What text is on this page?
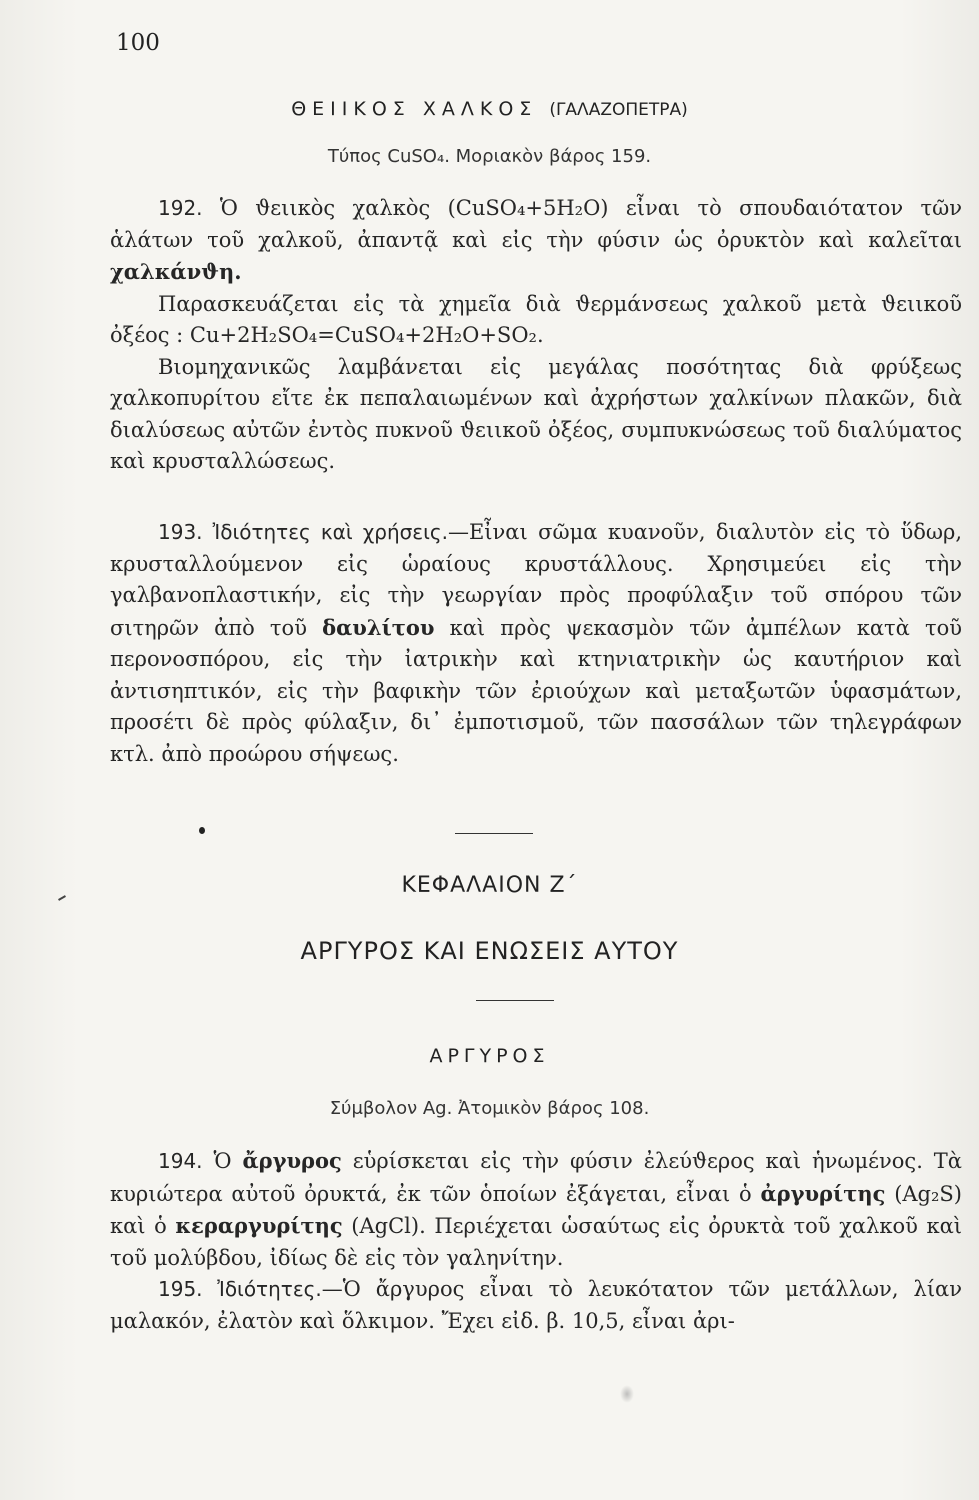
100
ΘΕΙΙΚΟΣ ΧΑΛΚΟΣ (ΓΑΛΑΖΟΠΕΤΡΑ)
Τύπος CuSO₄. Μοριακὸν βάρος 159.

192. Ὁ ϑειικὸς χαλκὸς (CuSO₄+5H₂O) εἶναι τὸ σπουδαιότατον τῶν ἁλάτων τοῦ χαλκοῦ, ἀπαντᾷ καὶ εἰς τὴν φύσιν ὡς ὀρυκτὸν καὶ καλεῖται χαλκάνϑη.

Παρασκευάζεται εἰς τὰ χημεῖα διὰ ϑερμάνσεως χαλκοῦ μετὰ ϑειικοῦ ὀξέος : Cu+2H₂SO₄=CuSO₄+2H₂O+SO₂.

Βιομηχανικῶς λαμβάνεται εἰς μεγάλας ποσότητας διὰ φρύξεως χαλκοπυρίτου εἴτε ἐκ πεπαλαιωμένων καὶ ἀχρήστων χαλκίνων πλακῶν, διὰ διαλύσεως αὐτῶν ἐντὸς πυκνοῦ ϑειικοῦ ὀξέος, συμπυκνώσεως τοῦ διαλύματος καὶ κρυσταλλώσεως.

193. Ἰδιότητες καὶ χρήσεις.—Εἶναι σῶμα κυανοῦν, διαλυτὸν εἰς τὸ ὕδωρ, κρυσταλλούμενον εἰς ὡραίους κρυστάλλους. Χρησιμεύει εἰς τὴν γαλβανοπλαστικήν, εἰς τὴν γεωργίαν πρὸς προφύλαξιν τοῦ σπόρου τῶν σιτηρῶν ἀπὸ τοῦ δαυλίτου καὶ πρὸς ψεκασμὸν τῶν ἀμπέλων κατὰ τοῦ περονοσπόρου, εἰς τὴν ἰατρικὴν καὶ κτηνιατρικὴν ὡς καυτήριον καὶ ἀντισηπτικόν, εἰς τὴν βαφικὴν τῶν ἐριούχων καὶ μεταξωτῶν ὑφασμάτων, προσέτι δὲ πρὸς φύλαξιν, δι᾿ ἐμποτισμοῦ, τῶν πασσάλων τῶν τηλεγράφων κτλ. ἀπὸ προώρου σήψεως.

ΚΕΦΑΛΑΙΟΝ Ζ΄
ΑΡΓΥΡΟΣ ΚΑΙ ΕΝΩΣΕΙΣ ΑΥΤΟΥ
ΑΡΓΥΡΟΣ
Σύμβολον Ag. Ἀτομικὸν βάρος 108.

194. Ὁ ἄργυρος εὑρίσκεται εἰς τὴν φύσιν ἐλεύϑερος καὶ ἡνωμένος. Τὰ κυριώτερα αὐτοῦ ὀρυκτά, ἐκ τῶν ὁποίων ἐξάγεται, εἶναι ὁ ἀργυρίτης (Ag₂S) καὶ ὁ κεραργυρίτης (AgCl). Περιέχεται ὡσαύτως εἰς ὀρυκτὰ τοῦ χαλκοῦ καὶ τοῦ μολύβδου, ἰδίως δὲ εἰς τὸν γαληνίτην.

195. Ἰδιότητες.—Ὁ ἄργυρος εἶναι τὸ λευκότατον τῶν μετάλλων, λίαν μαλακόν, ἐλατὸν καὶ ὅλκιμον. Ἔχει εἰδ. β. 10,5, εἶναι ἀρι-
